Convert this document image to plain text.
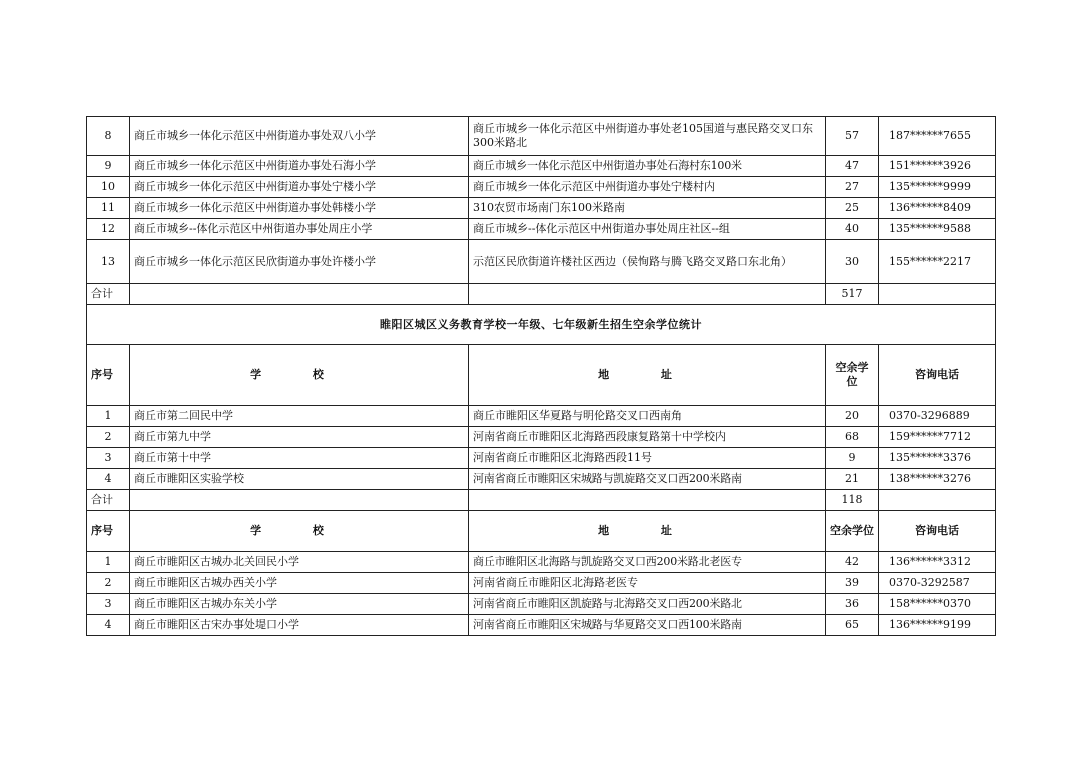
8	商丘市城乡一体化示范区中州街道办事处双八小学	商丘市城乡一体化示范区中州街道办事处老105国道与惠民路交叉口东300米路北	57	187******7655
9	商丘市城乡一体化示范区中州街道办事处石海小学	商丘市城乡一体化示范区中州街道办事处石海村东100米	47	151******3926
10	商丘市城乡一体化示范区中州街道办事处宁楼小学	商丘市城乡一体化示范区中州街道办事处宁楼村内	27	135******9999
11	商丘市城乡一体化示范区中州街道办事处韩楼小学	310农贸市场南门东100米路南	25	136******8409
12	商丘市城乡--体化示范区中州街道办事处周庄小学	商丘市城乡--体化示范区中州街道办事处周庄社区--组	40	135******9588
13	商丘市城乡一体化示范区民欣街道办事处许楼小学	示范区民欣街道许楼社区西边（侯恂路与腾飞路交叉路口东北角）	30	155******2217
合计			517	
睢阳区城区义务教育学校一年级、七年级新生招生空余学位统计				
序号	学 校	地 址	空余学位	咨询电话
1	商丘市第二回民中学	商丘市睢阳区华夏路与明伦路交叉口西南角	20	0370-3296889
2	商丘市第九中学	河南省商丘市睢阳区北海路西段康复路第十中学校内	68	159******7712
3	商丘市第十中学	河南省商丘市睢阳区北海路西段11号	9	135******3376
4	商丘市睢阳区实验学校	河南省商丘市睢阳区宋城路与凯旋路交叉口西200米路南	21	138******3276
合计			118	
序号	学 校	地 址	空余学位	咨询电话
1	商丘市睢阳区古城办北关回民小学	商丘市睢阳区北海路与凯旋路交叉口西200米路北老医专	42	136******3312
2	商丘市睢阳区古城办西关小学	河南省商丘市睢阳区北海路老医专	39	0370-3292587
3	商丘市睢阳区古城办东关小学	河南省商丘市睢阳区凯旋路与北海路交叉口西200米路北	36	158******0370
4	商丘市睢阳区古宋办事处堤口小学	河南省商丘市睢阳区宋城路与华夏路交叉口西100米路南	65	136******9199
